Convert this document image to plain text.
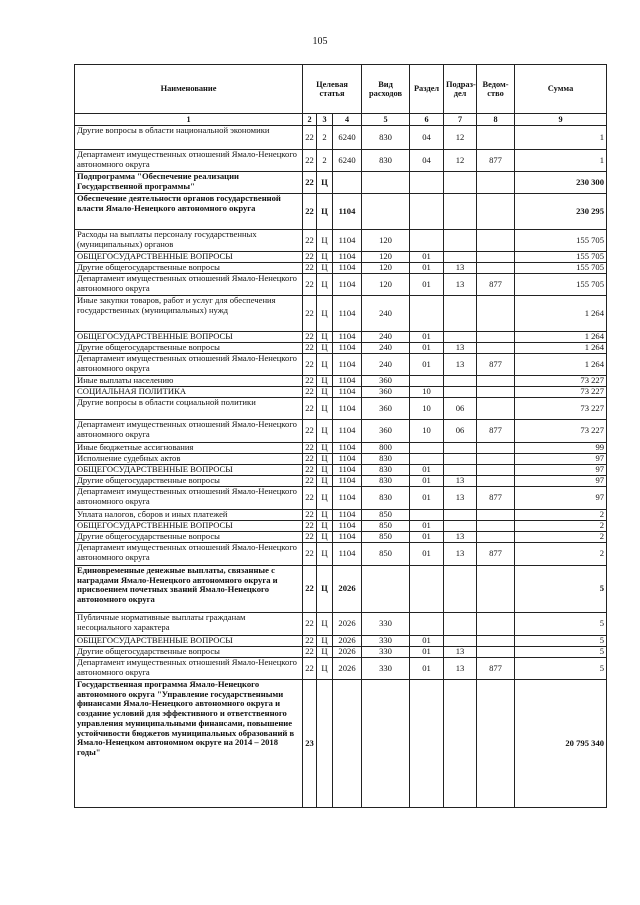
105
Наименование	Целевая статья			Вид расходов	Раздел	Подраз-дел	Ведом-ство	Сумма
1	2	3	4	5	6	7	8	9
Другие вопросы в области национальной экономики	22	2	6240	830	04	12		1
Департамент имущественных отношений Ямало-Ненецкого автономного округа	22	2	6240	830	04	12	877	1
Подпрограмма "Обеспечение реализации Государственной программы"	22	Ц						230 300
Обеспечение деятельности органов государственной власти Ямало-Ненецкого автономного округа	22	Ц	1104					230 295
Расходы на выплаты персоналу государственных (муниципальных) органов	22	Ц	1104	120				155 705
ОБЩЕГОСУДАРСТВЕННЫЕ ВОПРОСЫ	22	Ц	1104	120	01			155 705
Другие общегосударственные вопросы	22	Ц	1104	120	01	13		155 705
Департамент имущественных отношений Ямало-Ненецкого автономного округа	22	Ц	1104	120	01	13	877	155 705
Иные закупки товаров, работ и услуг для обеспечения государственных (муниципальных) нужд	22	Ц	1104	240				1 264
ОБЩЕГОСУДАРСТВЕННЫЕ ВОПРОСЫ	22	Ц	1104	240	01			1 264
Другие общегосударственные вопросы	22	Ц	1104	240	01	13		1 264
Департамент имущественных отношений Ямало-Ненецкого автономного округа	22	Ц	1104	240	01	13	877	1 264
Иные выплаты населению	22	Ц	1104	360				73 227
СОЦИАЛЬНАЯ ПОЛИТИКА	22	Ц	1104	360	10			73 227
Другие вопросы в области социальной политики	22	Ц	1104	360	10	06		73 227
Департамент имущественных отношений Ямало-Ненецкого автономного округа	22	Ц	1104	360	10	06	877	73 227
Иные бюджетные ассигнования	22	Ц	1104	800				99
Исполнение судебных актов	22	Ц	1104	830				97
ОБЩЕГОСУДАРСТВЕННЫЕ ВОПРОСЫ	22	Ц	1104	830	01			97
Другие общегосударственные вопросы	22	Ц	1104	830	01	13		97
Департамент имущественных отношений Ямало-Ненецкого автономного округа	22	Ц	1104	830	01	13	877	97
Уплата налогов, сборов и иных платежей	22	Ц	1104	850				2
ОБЩЕГОСУДАРСТВЕННЫЕ ВОПРОСЫ	22	Ц	1104	850	01			2
Другие общегосударственные вопросы	22	Ц	1104	850	01	13		2
Департамент имущественных отношений Ямало-Ненецкого автономного округа	22	Ц	1104	850	01	13	877	2
Единовременные денежные выплаты, связанные с наградами Ямало-Ненецкого автономного округа и присвоением почетных званий Ямало-Ненецкого автономного округа	22	Ц	2026					5
Публичные нормативные выплаты гражданам несоциального характера	22	Ц	2026	330				5
ОБЩЕГОСУДАРСТВЕННЫЕ ВОПРОСЫ	22	Ц	2026	330	01			5
Другие общегосударственные вопросы	22	Ц	2026	330	01	13		5
Департамент имущественных отношений Ямало-Ненецкого автономного округа	22	Ц	2026	330	01	13	877	5
Государственная программа Ямало-Ненецкого автономного округа "Управление государственными финансами Ямало-Ненецкого автономного округа и создание условий для эффективного и ответственного управления муниципальными финансами, повышение устойчивости бюджетов муниципальных образований в Ямало-Ненецком автономном округе на 2014 – 2018 годы"	23							20 795 340
